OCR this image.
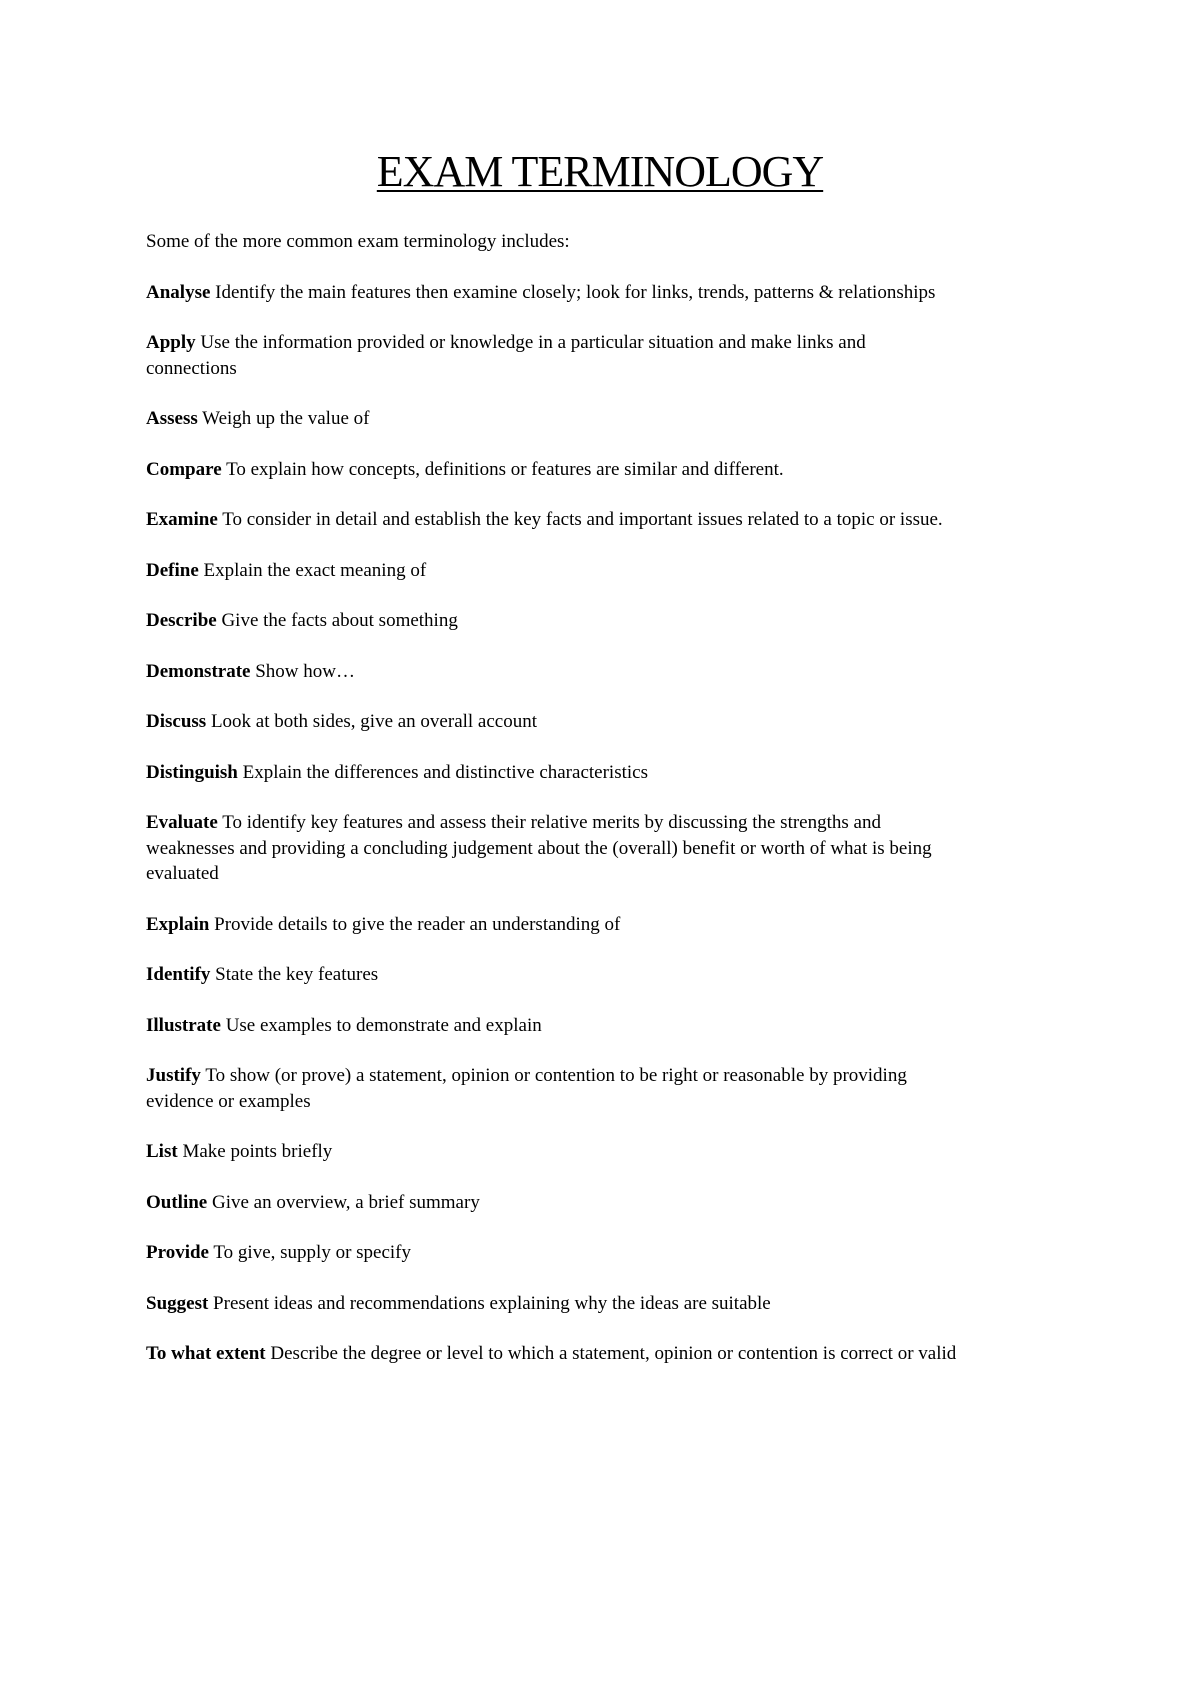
EXAM TERMINOLOGY

Some of the more common exam terminology includes:

Analyse Identify the main features then examine closely; look for links, trends, patterns & relationships

Apply Use the information provided or knowledge in a particular situation and make links and connections

Assess Weigh up the value of

Compare To explain how concepts, definitions or features are similar and different.

Examine To consider in detail and establish the key facts and important issues related to a topic or issue.

Define Explain the exact meaning of

Describe Give the facts about something

Demonstrate Show how…

Discuss Look at both sides, give an overall account

Distinguish Explain the differences and distinctive characteristics

Evaluate To identify key features and assess their relative merits by discussing the strengths and weaknesses and providing a concluding judgement about the (overall) benefit or worth of what is being evaluated

Explain Provide details to give the reader an understanding of

Identify State the key features

Illustrate Use examples to demonstrate and explain

Justify To show (or prove) a statement, opinion or contention to be right or reasonable by providing evidence or examples

List Make points briefly

Outline Give an overview, a brief summary

Provide To give, supply or specify

Suggest Present ideas and recommendations explaining why the ideas are suitable

To what extent Describe the degree or level to which a statement, opinion or contention is correct or valid
